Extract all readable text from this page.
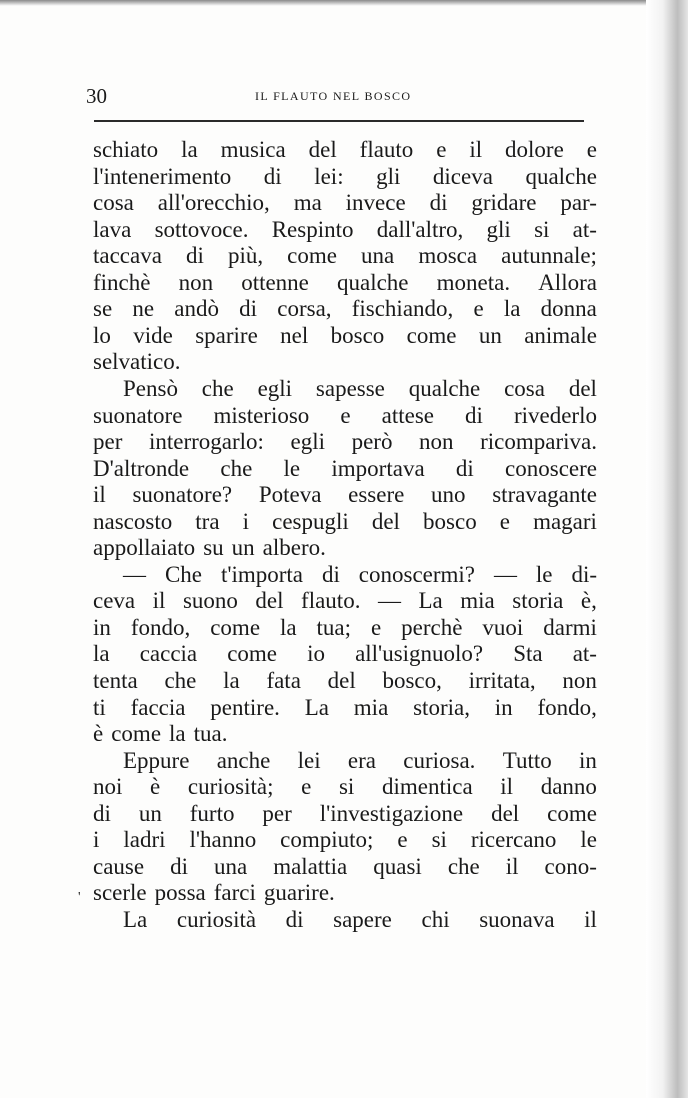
30	IL FLAUTO NEL BOSCO
'
schiato la musica del flauto e il dolore e
l'intenerimento di lei: gli diceva qualche
cosa all'orecchio, ma invece di gridare par-
lava sottovoce. Respinto dall'altro, gli si at-
taccava di più, come una mosca autunnale;
finchè non ottenne qualche moneta. Allora
se ne andò di corsa, fischiando, e la donna
lo vide sparire nel bosco come un animale
selvatico.
Pensò che egli sapesse qualche cosa del
suonatore misterioso e attese di rivederlo
per interrogarlo: egli però non ricompariva.
D'altronde che le importava di conoscere
il suonatore? Poteva essere uno stravagante
nascosto tra i cespugli del bosco e magari
appollaiato su un albero.
— Che t'importa di conoscermi? — le di-
ceva il suono del flauto. — La mia storia è,
in fondo, come la tua; e perchè vuoi darmi
la caccia come io all'usignuolo? Sta at-
tenta che la fata del bosco, irritata, non
ti faccia pentire. La mia storia, in fondo,
è come la tua.
Eppure anche lei era curiosa. Tutto in
noi è curiosità; e si dimentica il danno
di un furto per l'investigazione del come
i ladri l'hanno compiuto; e si ricercano le
cause di una malattia quasi che il cono-
scerle possa farci guarire.
La curiosità di sapere chi suonava il
